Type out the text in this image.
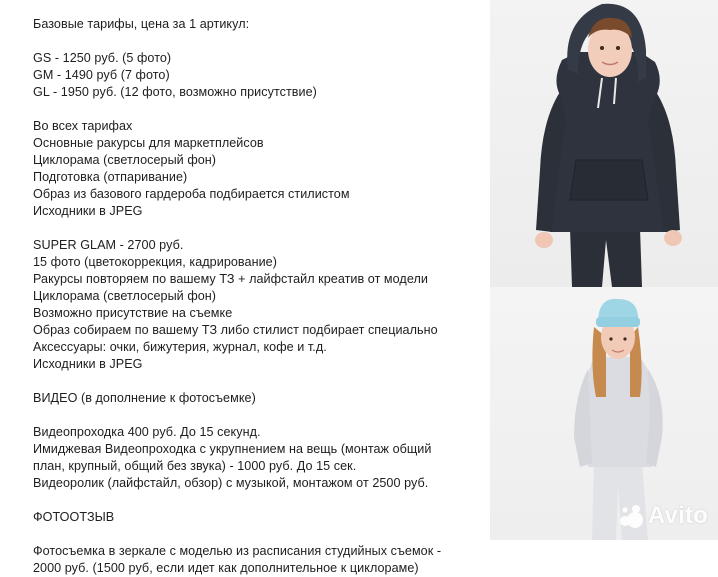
Базовые тарифы, цена за 1 артикул:
GS - 1250 руб. (5 фото)
GM - 1490 руб (7 фото)
GL - 1950 руб. (12 фото, возможно присутствие)
Во всех тарифах
Основные ракурсы для маркетплейсов
Циклорама (светлосерый фон)
Подготовка (отпаривание)
Образ из базового гардероба подбирается стилистом
Исходники в JPEG
SUPER GLAM - 2700 руб.
15 фото (цветокоррекция, кадрирование)
Ракурсы повторяем по вашему ТЗ + лайфстайл креатив от модели
Циклорама (светлосерый фон)
Возможно присутствие на съемке
Образ собираем по вашему ТЗ либо стилист подбирает специально
Аксессуары: очки, бижутерия, журнал, кофе и т.д.
Исходники в JPEG
ВИДЕО (в дополнение к фотосъемке)
Видеопроходка 400 руб. До 15 секунд.
Имиджевая Видеопроходка с укрупнением на вещь (монтаж общий
план, крупный, общий без звука) - 1000 руб. До 15 сек.
Видеоролик (лайфстайл, обзор) с музыкой, монтажом от 2500 руб.
ФОТООТЗЫВ
Фотосъемка в зеркале с моделью из расписания студийных съемок -
2000 руб. (1500 руб, если идет как дополнительное к циклораме)
Avito
